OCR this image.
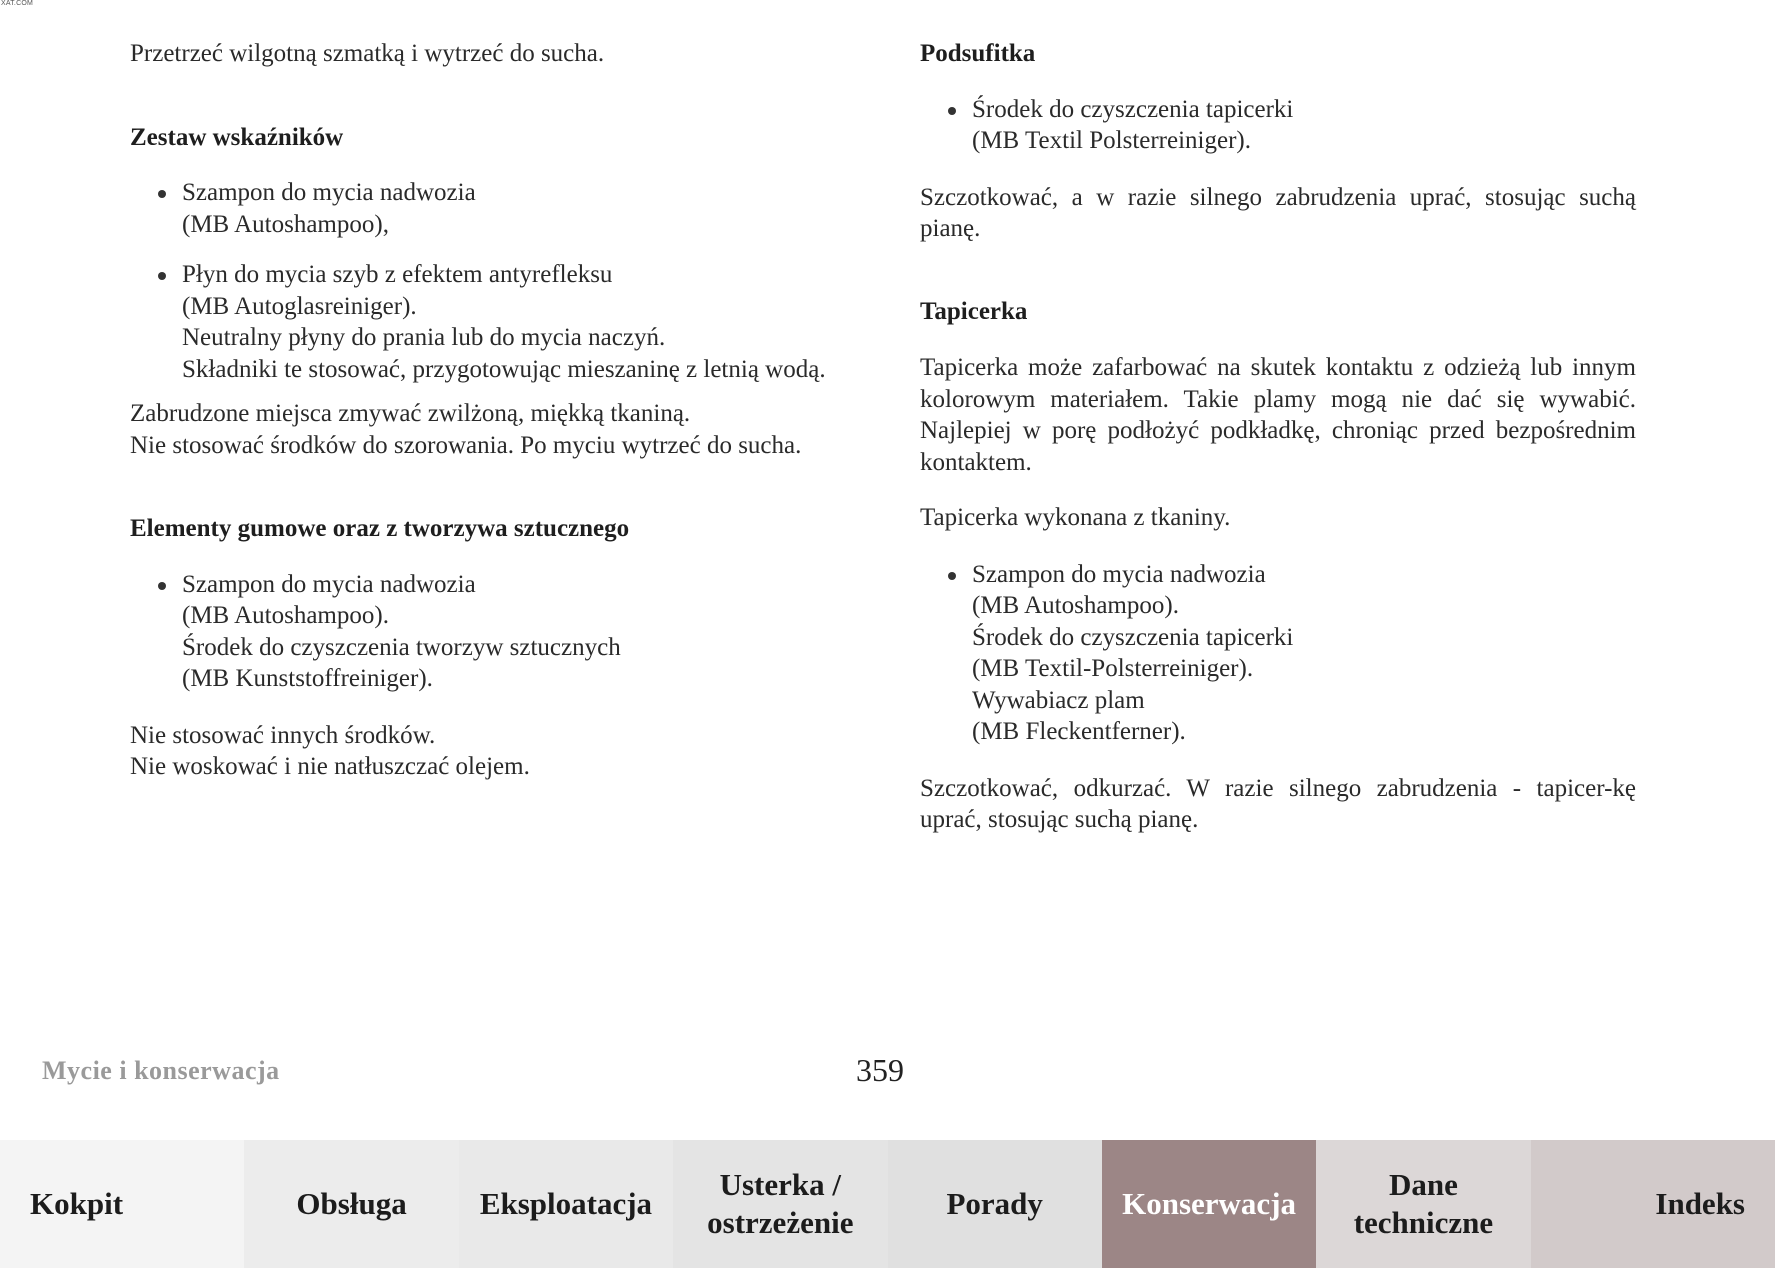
XAT.COM

Przetrzeć wilgotną szmatką i wytrzeć do sucha.

Zestaw wskaźników
Szampon do mycia nadwozia
(MB Autoshampoo),
Płyn do mycia szyb z efektem antyrefleksu
(MB Autoglasreiniger).
Neutralny płyny do prania lub do mycia naczyń.
Składniki te stosować, przygotowując mieszaninę z letnią wodą.

Zabrudzone miejsca zmywać zwilżoną, miękką tkaniną.
Nie stosować środków do szorowania. Po myciu wytrzeć do sucha.

Elementy gumowe oraz z tworzywa sztucznego
Szampon do mycia nadwozia
(MB Autoshampoo).
Środek do czyszczenia tworzyw sztucznych
(MB Kunststoffreiniger).

Nie stosować innych środków.
Nie woskować i nie natłuszczać olejem.

Podsufitka
Środek do czyszczenia tapicerki
(MB Textil Polsterreiniger).

Szczotkować, a w razie silnego zabrudzenia uprać, stosując suchą pianę.

Tapicerka

Tapicerka może zafarbować na skutek kontaktu z odzieżą lub innym kolorowym materiałem. Takie plamy mogą nie dać się wywabić. Najlepiej w porę podłożyć podkładkę, chroniąc przed bezpośrednim kontaktem.

Tapicerka wykonana z tkaniny.

Szampon do mycia nadwozia
(MB Autoshampoo).
Środek do czyszczenia tapicerki
(MB Textil-Polsterreiniger).
Wywabiacz plam
(MB Fleckentferner).

Szczotkować, odkurzać. W razie silnego zabrudzenia - tapicer-kę uprać, stosując suchą pianę.

Mycie i konserwacja	359
Kokpit	Obsługa	Eksploatacja
Usterka / ostrzeżenie
Porady	Konserwacja
Dane techniczne
Indeks
